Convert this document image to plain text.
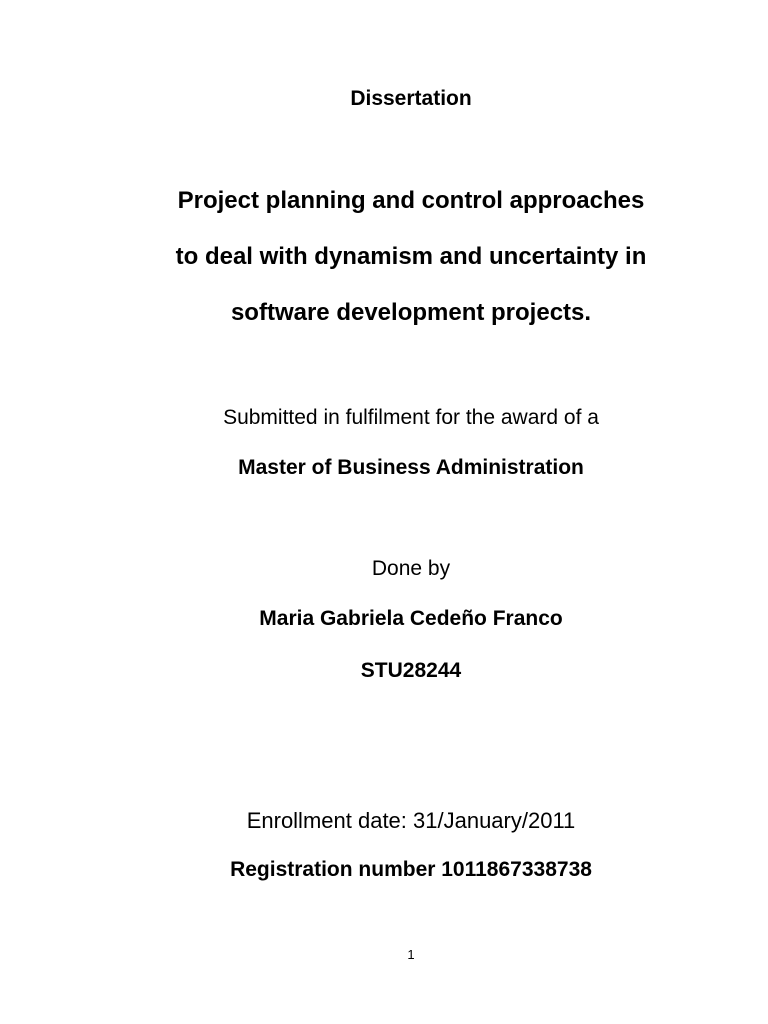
Dissertation
Project planning and control approaches
to deal with dynamism and uncertainty in
software development projects.
Submitted in fulfilment for the award of a
Master of Business Administration
Done by
Maria Gabriela Cedeño Franco
STU28244
Enrollment date: 31/January/2011
Registration number 1011867338738
1
